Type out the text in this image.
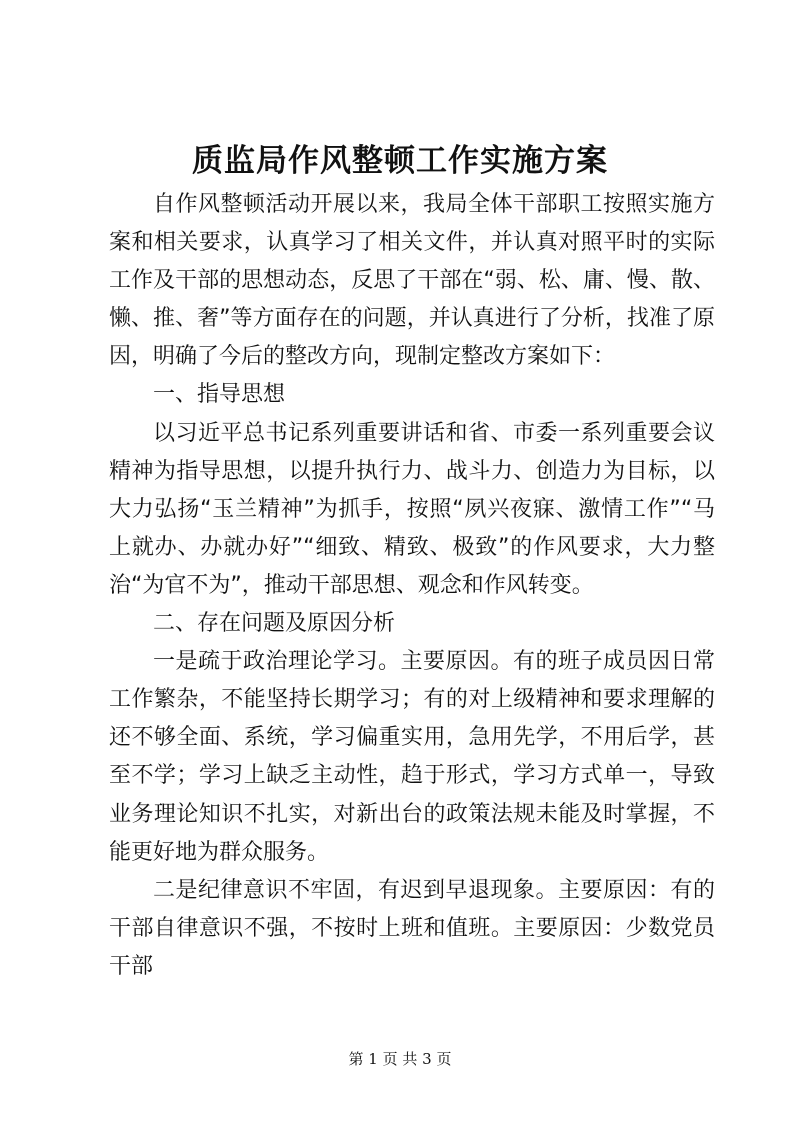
质监局作风整顿工作实施方案

自作风整顿活动开展以来，我局全体干部职工按照实施方案和相关要求，认真学习了相关文件，并认真对照平时的实际工作及干部的思想动态，反思了干部在“弱、松、庸、慢、散、懒、推、奢”等方面存在的问题，并认真进行了分析，找准了原因，明确了今后的整改方向，现制定整改方案如下：

一、指导思想

以习近平总书记系列重要讲话和省、市委一系列重要会议精神为指导思想，以提升执行力、战斗力、创造力为目标，以大力弘扬“玉兰精神”为抓手，按照“夙兴夜寐、激情工作”“马上就办、办就办好”“细致、精致、极致”的作风要求，大力整治“为官不为”，推动干部思想、观念和作风转变。

二、存在问题及原因分析

一是疏于政治理论学习。主要原因。有的班子成员因日常工作繁杂，不能坚持长期学习；有的对上级精神和要求理解的还不够全面、系统，学习偏重实用，急用先学，不用后学，甚至不学；学习上缺乏主动性，趋于形式，学习方式单一，导致业务理论知识不扎实，对新出台的政策法规未能及时掌握，不能更好地为群众服务。

二是纪律意识不牢固，有迟到早退现象。主要原因：有的干部自律意识不强，不按时上班和值班。主要原因：少数党员干部

第 1 页 共 3 页
